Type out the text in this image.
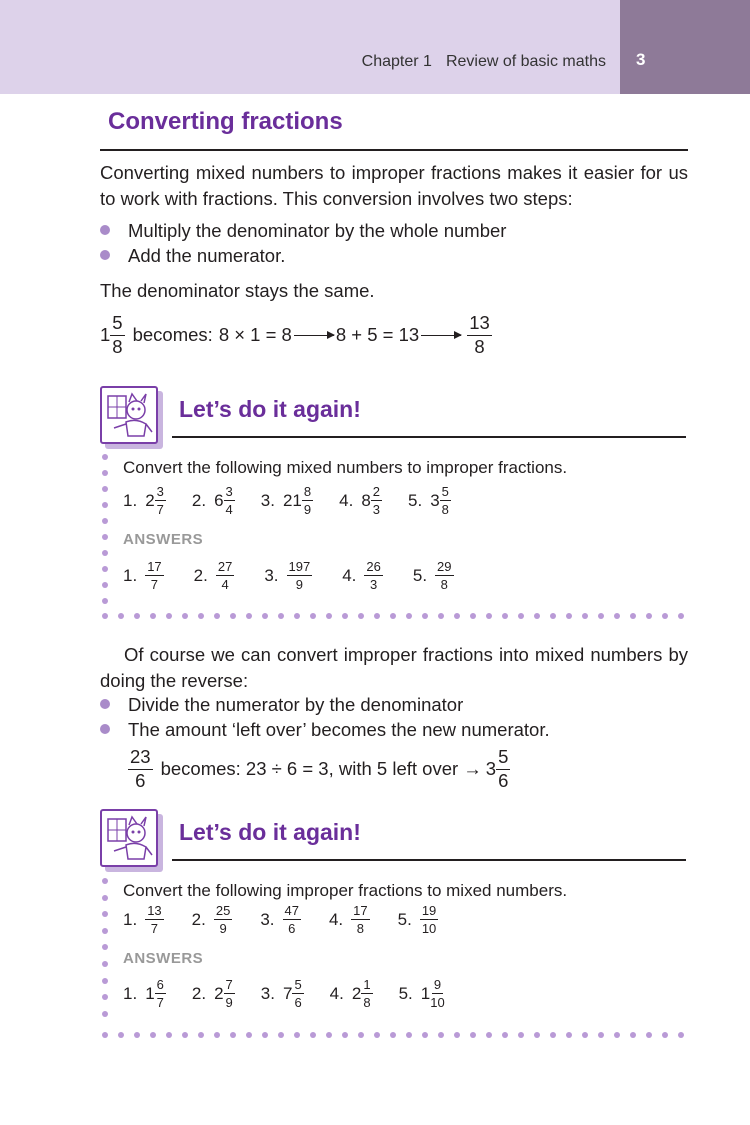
Chapter 1 Review of basic maths 3
Converting fractions
Converting mixed numbers to improper fractions makes it easier for us to work with fractions. This conversion involves two steps:
Multiply the denominator by the whole number
Add the numerator.
The denominator stays the same.
$1 \frac{5}{8}$ becomes: 8 × 1 = 8 8 + 5 = 13	$\frac{13}{8}$
Let’s do it again!
Convert the following mixed numbers to improper fractions.
1. $2 \frac{3}{7} 2$. $6 \frac{3}{4} 3$. $21 \frac{8}{9} 4$. $8 \frac{2}{3} 5$. $3 \frac{5}{8}$
ANSWERS
1. $\frac{17}{7} 2$. $\frac{27}{4} 3$. $\frac{197}{9} 4$. $\frac{26}{3} 5$. $\frac{29}{8}$
Of course we can convert improper fractions into mixed numbers by doing the reverse:
Divide the numerator by the denominator
The amount ‘left over’ becomes the new numerator.
$\frac{23}{6}$ becomes: 23 ÷ 6 = 3, with 5 left over → $3 \frac{5}{6}$
Let’s do it again!
Convert the following improper fractions to mixed numbers.
1. $\frac{13}{7} 2$. $\frac{25}{9} 3$. $\frac{47}{6} 4$. $\frac{17}{8} 5$. $\frac{19}{10}$
ANSWERS
1. $1 \frac{6}{7} 2$. $2 \frac{7}{9} 3$. $7 \frac{5}{6} 4$. $2 \frac{1}{8} 5$. $1 \frac{9}{10}$
